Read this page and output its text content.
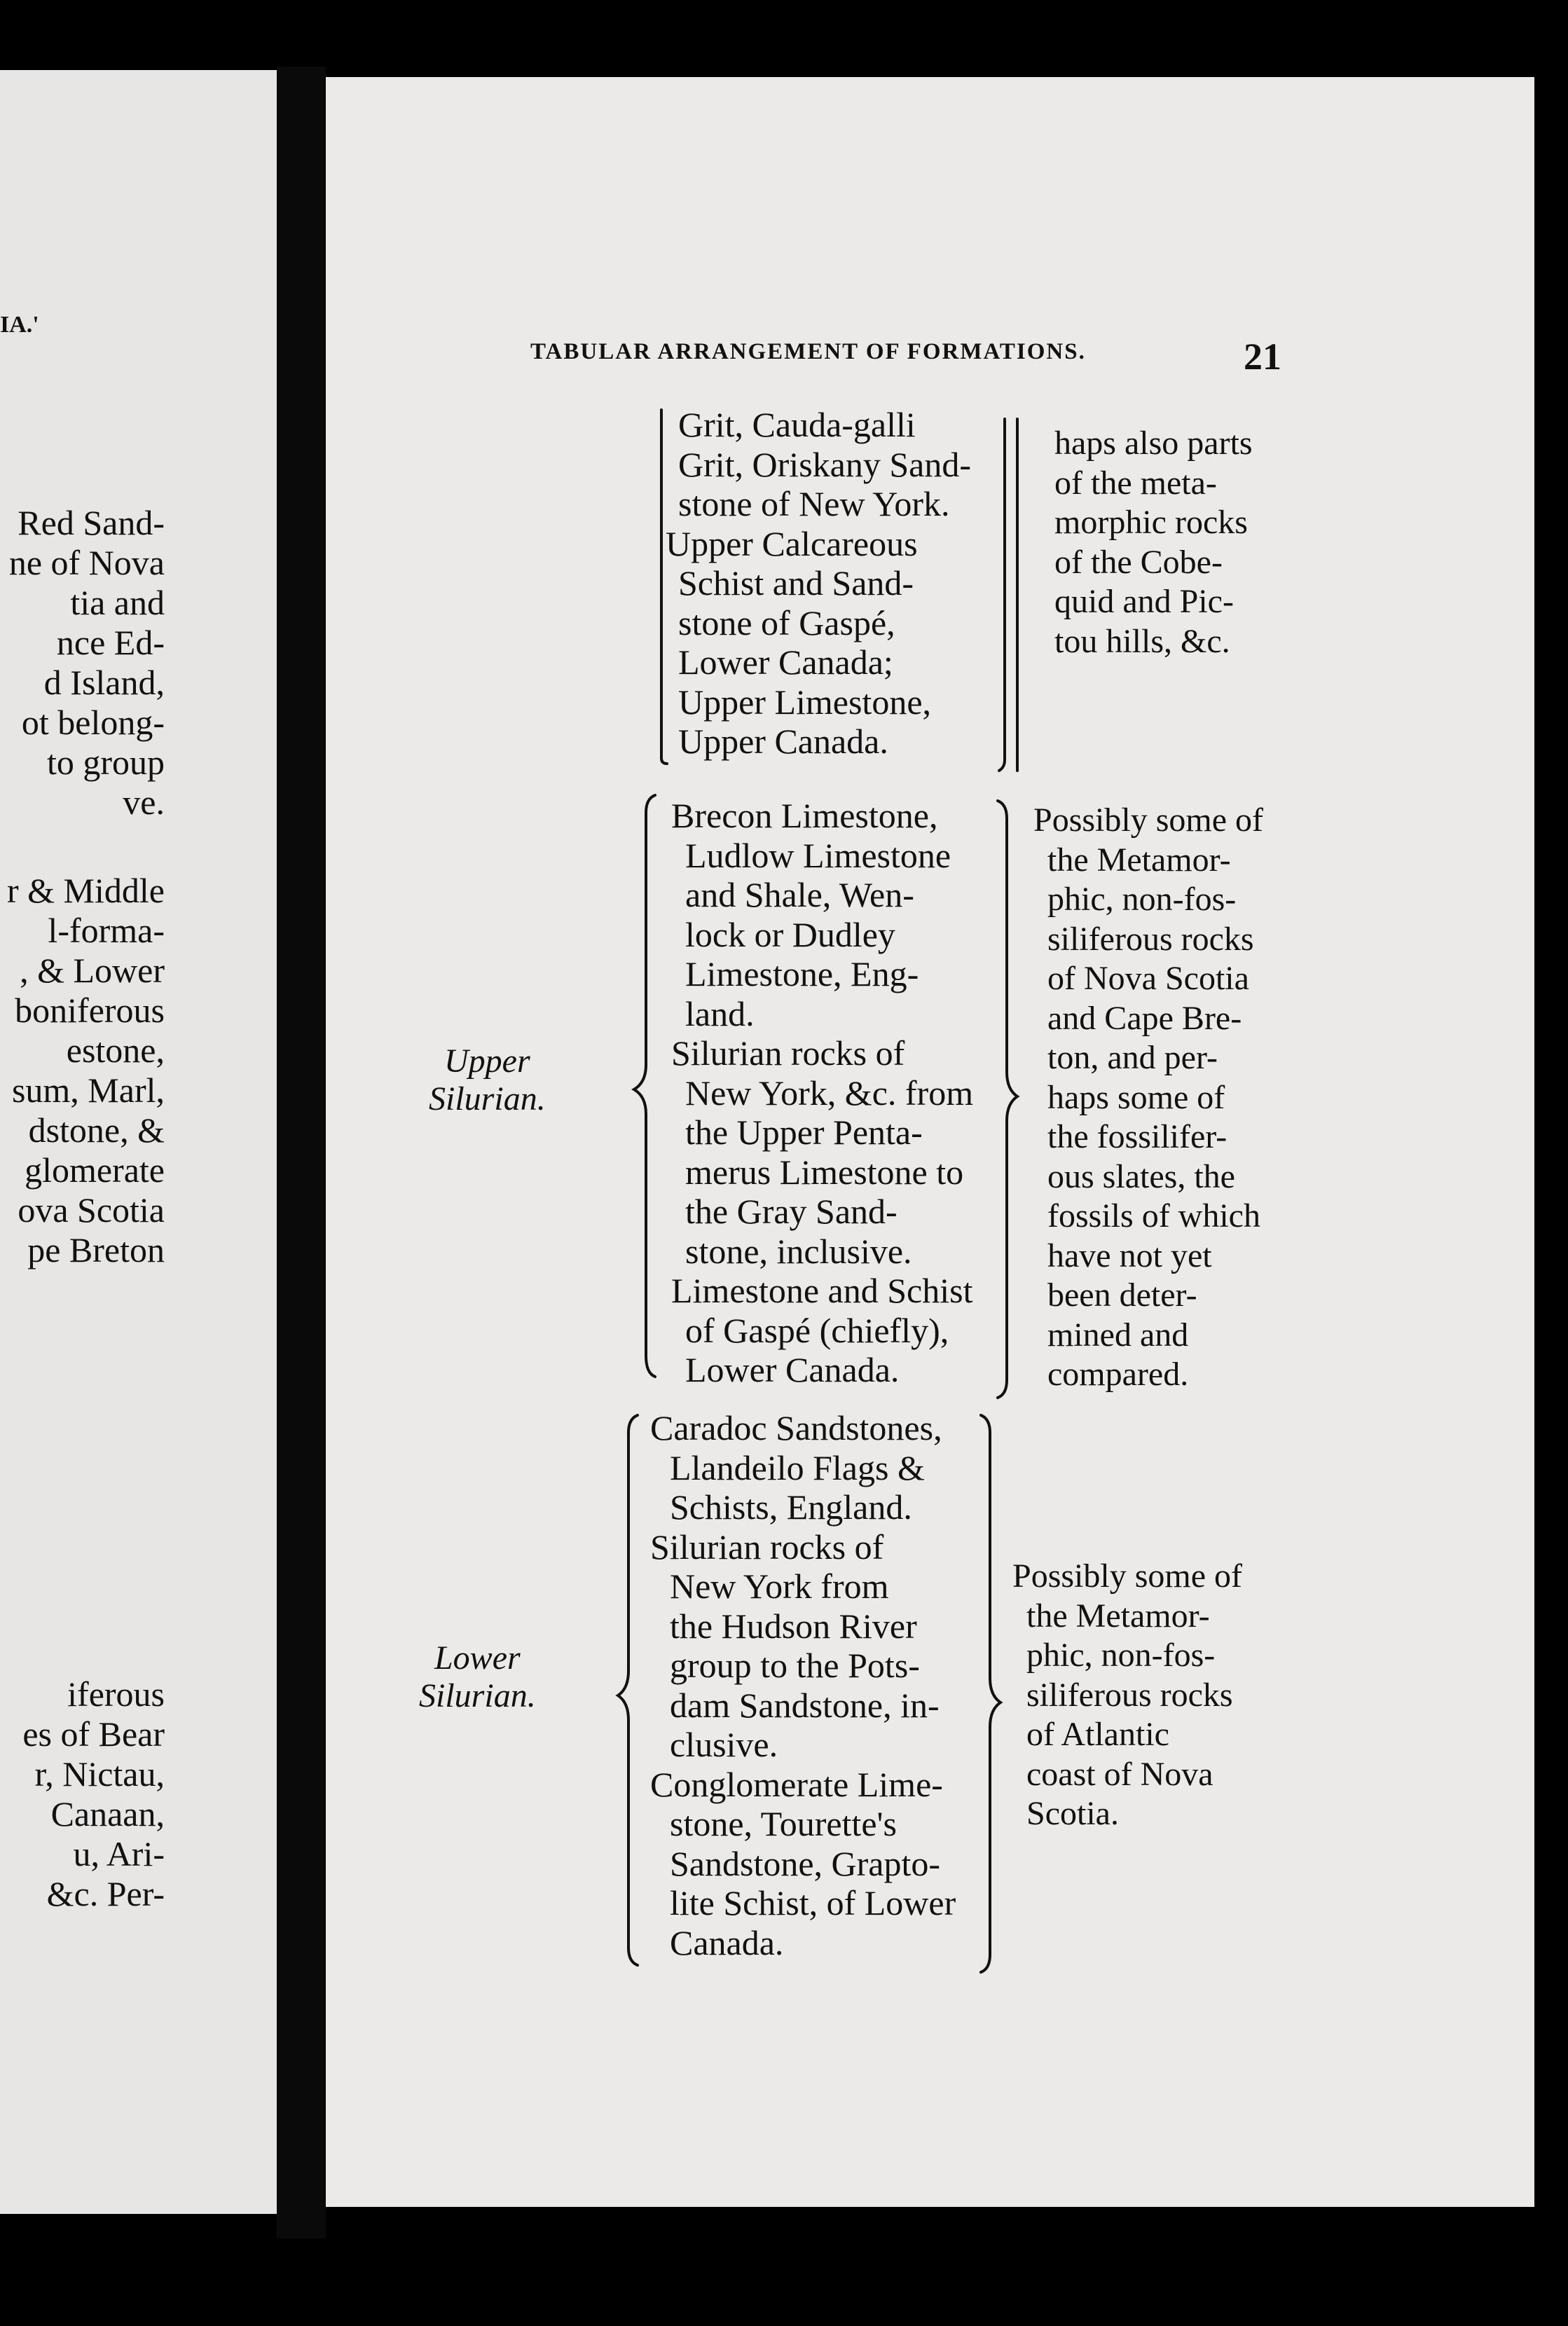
IA.'
Red Sand-
ne of Nova
tia and
nce Ed-
d Island,
ot belong-
to group
ve.
r & Middle
l-forma-
, & Lower
boniferous
estone,
sum, Marl,
dstone, &
glomerate
ova Scotia
pe Breton
iferous
es of Bear
r, Nictau,
Canaan,
u, Ari-
&c. Per-
TABULAR ARRANGEMENT OF FORMATIONS.	21
Grit, Cauda-galli
Grit, Oriskany Sand-
stone of New York.
Upper Calcareous
Schist and Sand-
stone of Gaspé,
Lower Canada;
Upper Limestone,
Upper Canada.
haps also parts
of the meta-
morphic rocks
of the Cobe-
quid and Pic-
tou hills, &c.
Upper
Silurian.
Brecon Limestone,
Ludlow Limestone
and Shale, Wen-
lock or Dudley
Limestone, Eng-
land.
Silurian rocks of
New York, &c. from
the Upper Penta-
merus Limestone to
the Gray Sand-
stone, inclusive.
Limestone and Schist
of Gaspé (chiefly),
Lower Canada.
Possibly some of
the Metamor-
phic, non-fos-
siliferous rocks
of Nova Scotia
and Cape Bre-
ton, and per-
haps some of
the fossilifer-
ous slates, the
fossils of which
have not yet
been deter-
mined and
compared.
Lower
Silurian.
Caradoc Sandstones,
Llandeilo Flags &
Schists, England.
Silurian rocks of
New York from
the Hudson River
group to the Pots-
dam Sandstone, in-
clusive.
Conglomerate Lime-
stone, Tourette's
Sandstone, Grapto-
lite Schist, of Lower
Canada.
Possibly some of
the Metamor-
phic, non-fos-
siliferous rocks
of Atlantic
coast of Nova
Scotia.
